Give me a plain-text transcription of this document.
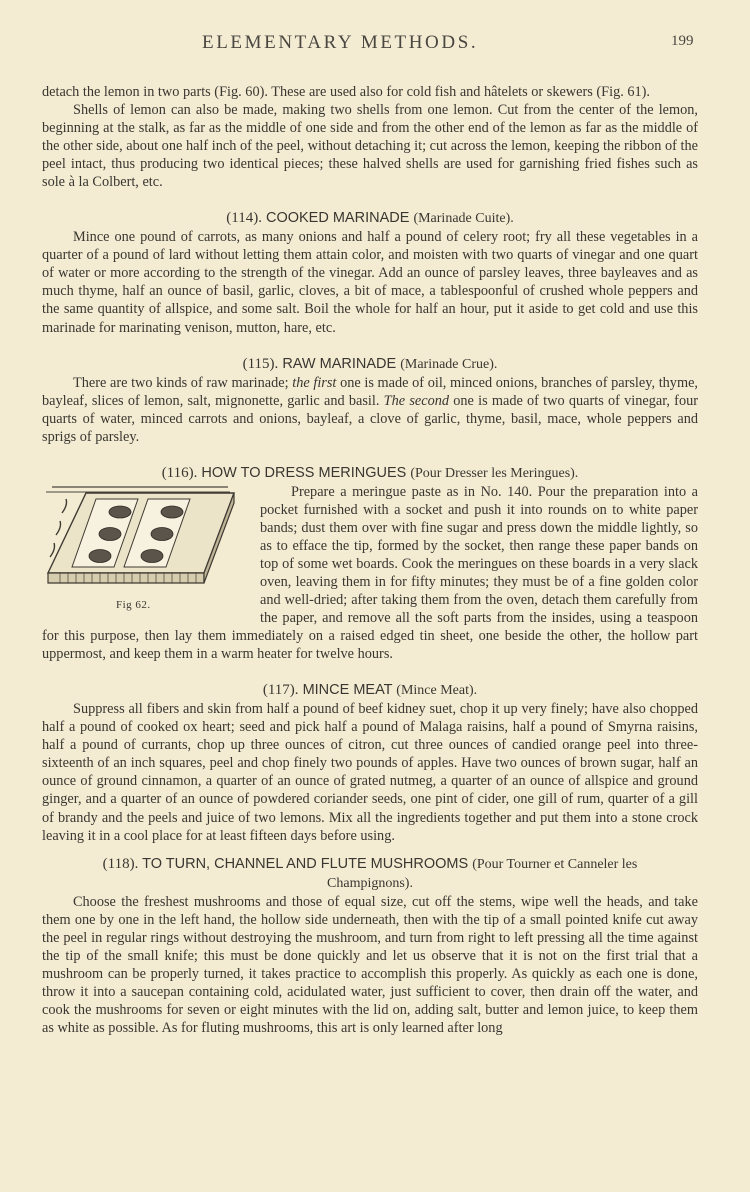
ELEMENTARY METHODS.	199

detach the lemon in two parts (Fig. 60). These are used also for cold fish and hâtelets or skewers (Fig. 61).

Shells of lemon can also be made, making two shells from one lemon. Cut from the center of the lemon, beginning at the stalk, as far as the middle of one side and from the other end of the lemon as far as the middle of the other side, about one half inch of the peel, without detaching it; cut across the lemon, keeping the ribbon of the peel intact, thus producing two identical pieces; these halved shells are used for garnishing fried fishes such as sole à la Colbert, etc.

(114). COOKED MARINADE (Marinade Cuite).

Mince one pound of carrots, as many onions and half a pound of celery root; fry all these vegetables in a quarter of a pound of lard without letting them attain color, and moisten with two quarts of vinegar and one quart of water or more according to the strength of the vinegar. Add an ounce of parsley leaves, three bayleaves and as much thyme, half an ounce of basil, garlic, cloves, a bit of mace, a tablespoonful of crushed whole peppers and the same quantity of allspice, and some salt. Boil the whole for half an hour, put it aside to get cold and use this marinade for marinating venison, mutton, hare, etc.

(115). RAW MARINADE (Marinade Crue).

There are two kinds of raw marinade; the first one is made of oil, minced onions, branches of parsley, thyme, bayleaf, slices of lemon, salt, mignonette, garlic and basil. The second one is made of two quarts of vinegar, four quarts of water, minced carrots and onions, bayleaf, a clove of garlic, thyme, basil, mace, whole peppers and sprigs of parsley.

(116). HOW TO DRESS MERINGUES (Pour Dresser les Meringues).
Fig 62.

Prepare a meringue paste as in No. 140. Pour the preparation into a pocket furnished with a socket and push it into rounds on to white paper bands; dust them over with fine sugar and press down the middle lightly, so as to efface the tip, formed by the socket, then range these paper bands on top of some wet boards. Cook the meringues on these boards in a very slack oven, leaving them in for fifty minutes; they must be of a fine golden color and well-dried; after taking them from the oven, detach them carefully from the paper, and remove all the soft parts from the insides, using a teaspoon for this purpose, then lay them immediately on a raised edged tin sheet, one beside the other, the hollow part uppermost, and keep them in a warm heater for twelve hours.

(117). MINCE MEAT (Mince Meat).

Suppress all fibers and skin from half a pound of beef kidney suet, chop it up very finely; have also chopped half a pound of cooked ox heart; seed and pick half a pound of Malaga raisins, half a pound of Smyrna raisins, half a pound of currants, chop up three ounces of citron, cut three ounces of candied orange peel into three-sixteenth of an inch squares, peel and chop finely two pounds of apples. Have two ounces of brown sugar, half an ounce of ground cinnamon, a quarter of an ounce of grated nutmeg, a quarter of an ounce of allspice and ground ginger, and a quarter of an ounce of powdered coriander seeds, one pint of cider, one gill of rum, quarter of a gill of brandy and the peels and juice of two lemons. Mix all the ingredients together and put them into a stone crock leaving it in a cool place for at least fifteen days before using.

(118). TO TURN, CHANNEL AND FLUTE MUSHROOMS (Pour Tourner et Canneler les
Champignons).

Choose the freshest mushrooms and those of equal size, cut off the stems, wipe well the heads, and take them one by one in the left hand, the hollow side underneath, then with the tip of a small pointed knife cut away the peel in regular rings without destroying the mushroom, and turn from right to left pressing all the time against the tip of the small knife; this must be done quickly and let us observe that it is not on the first trial that a mushroom can be properly turned, it takes practice to accomplish this properly. As quickly as each one is done, throw it into a saucepan containing cold, acidulated water, just sufficient to cover, then drain off the water, and cook the mushrooms for seven or eight minutes with the lid on, adding salt, butter and lemon juice, to keep them as white as possible. As for fluting mushrooms, this art is only learned after long
